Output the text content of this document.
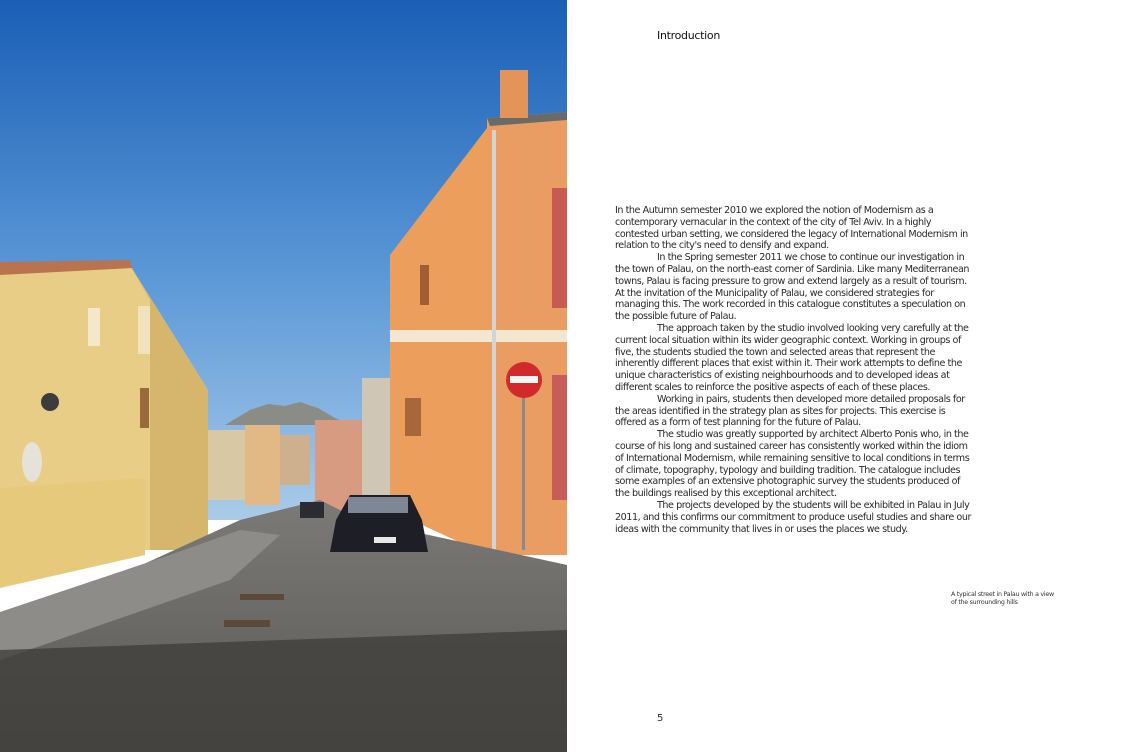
Introduction

In the Autumn semester 2010 we explored the notion of Modernism as a contemporary vernacular in the context of the city of Tel Aviv. In a highly contested urban setting, we considered the legacy of International Modernism in relation to the city's need to densify and expand.

In the Spring semester 2011 we chose to continue our investigation in the town of Palau, on the north-east corner of Sardinia. Like many Mediterranean towns, Palau is facing pressure to grow and extend largely as a result of tourism. At the invitation of the Municipality of Palau, we considered strategies for managing this. The work recorded in this catalogue constitutes a speculation on the possible future of Palau.

The approach taken by the studio involved looking very carefully at the current local situation within its wider geographic context. Working in groups of five, the students studied the town and selected areas that represent the inherently different places that exist within it. Their work attempts to define the unique characteristics of existing neighbourhoods and to developed ideas at different scales to reinforce the positive aspects of each of these places.

Working in pairs, students then developed more detailed proposals for the areas identified in the strategy plan as sites for projects. This exercise is offered as a form of test planning for the future of Palau.

The studio was greatly supported by architect Alberto Ponis who, in the course of his long and sustained career has consistently worked within the idiom of International Modernism, while remaining sensitive to local conditions in terms of climate, topography, typology and building tradition. The catalogue includes some examples of an extensive photographic survey the students produced of the buildings realised by this exceptional architect.

The projects developed by the students will be exhibited in Palau in July 2011, and this confirms our commitment to produce useful studies and share our ideas with the community that lives in or uses the places we study.

A typical street in Palau with a view of the surrounding hills
5
